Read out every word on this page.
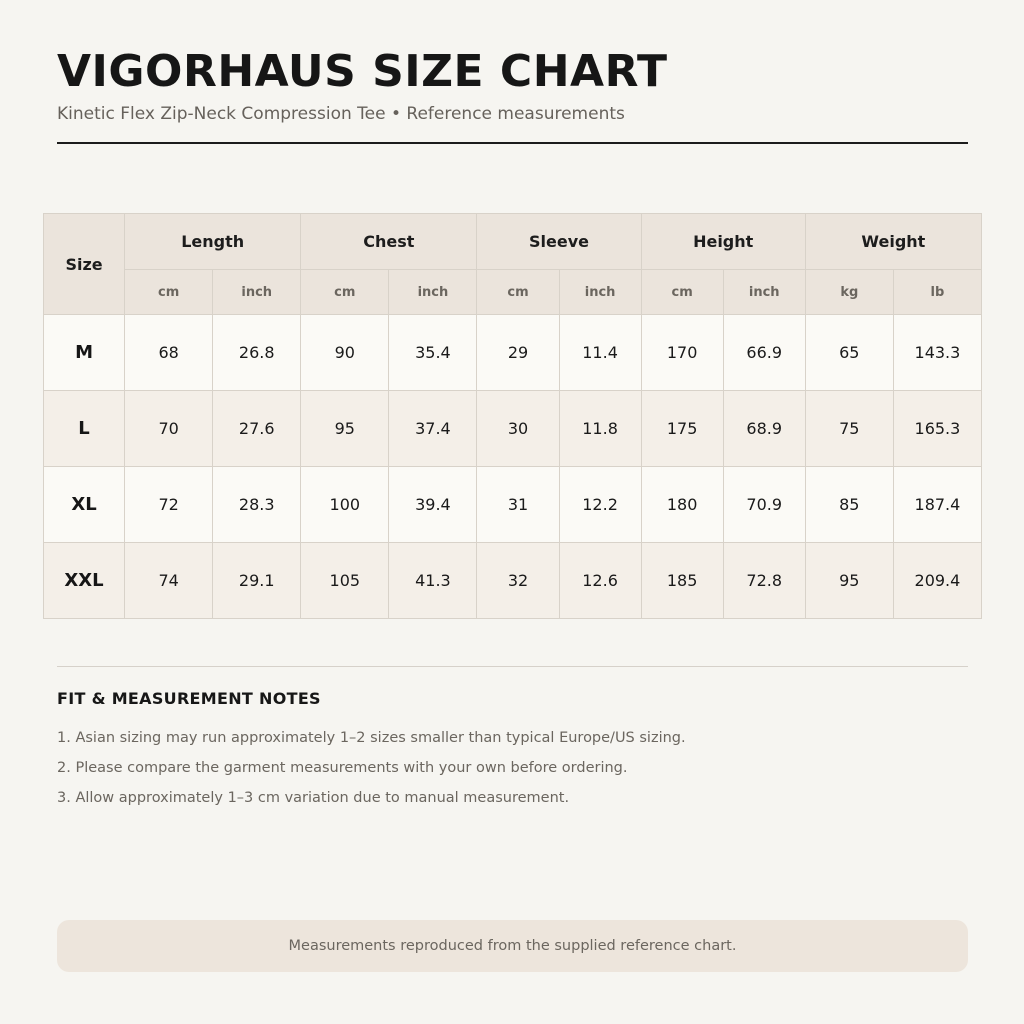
VIGORHAUS SIZE CHART
Kinetic Flex Zip-Neck Compression Tee • Reference measurements
Size	Length		Chest		Sleeve		Height		Weight	
	cm	inch	cm	inch	cm	inch	cm	inch	kg	lb
M	68	26.8	90	35.4	29	11.4	170	66.9	65	143.3
L	70	27.6	95	37.4	30	11.8	175	68.9	75	165.3
XL	72	28.3	100	39.4	31	12.2	180	70.9	85	187.4
XXL	74	29.1	105	41.3	32	12.6	185	72.8	95	209.4
FIT & MEASUREMENT NOTES
1. Asian sizing may run approximately 1–2 sizes smaller than typical Europe/US sizing.
2. Please compare the garment measurements with your own before ordering.
3. Allow approximately 1–3 cm variation due to manual measurement.
Measurements reproduced from the supplied reference chart.
